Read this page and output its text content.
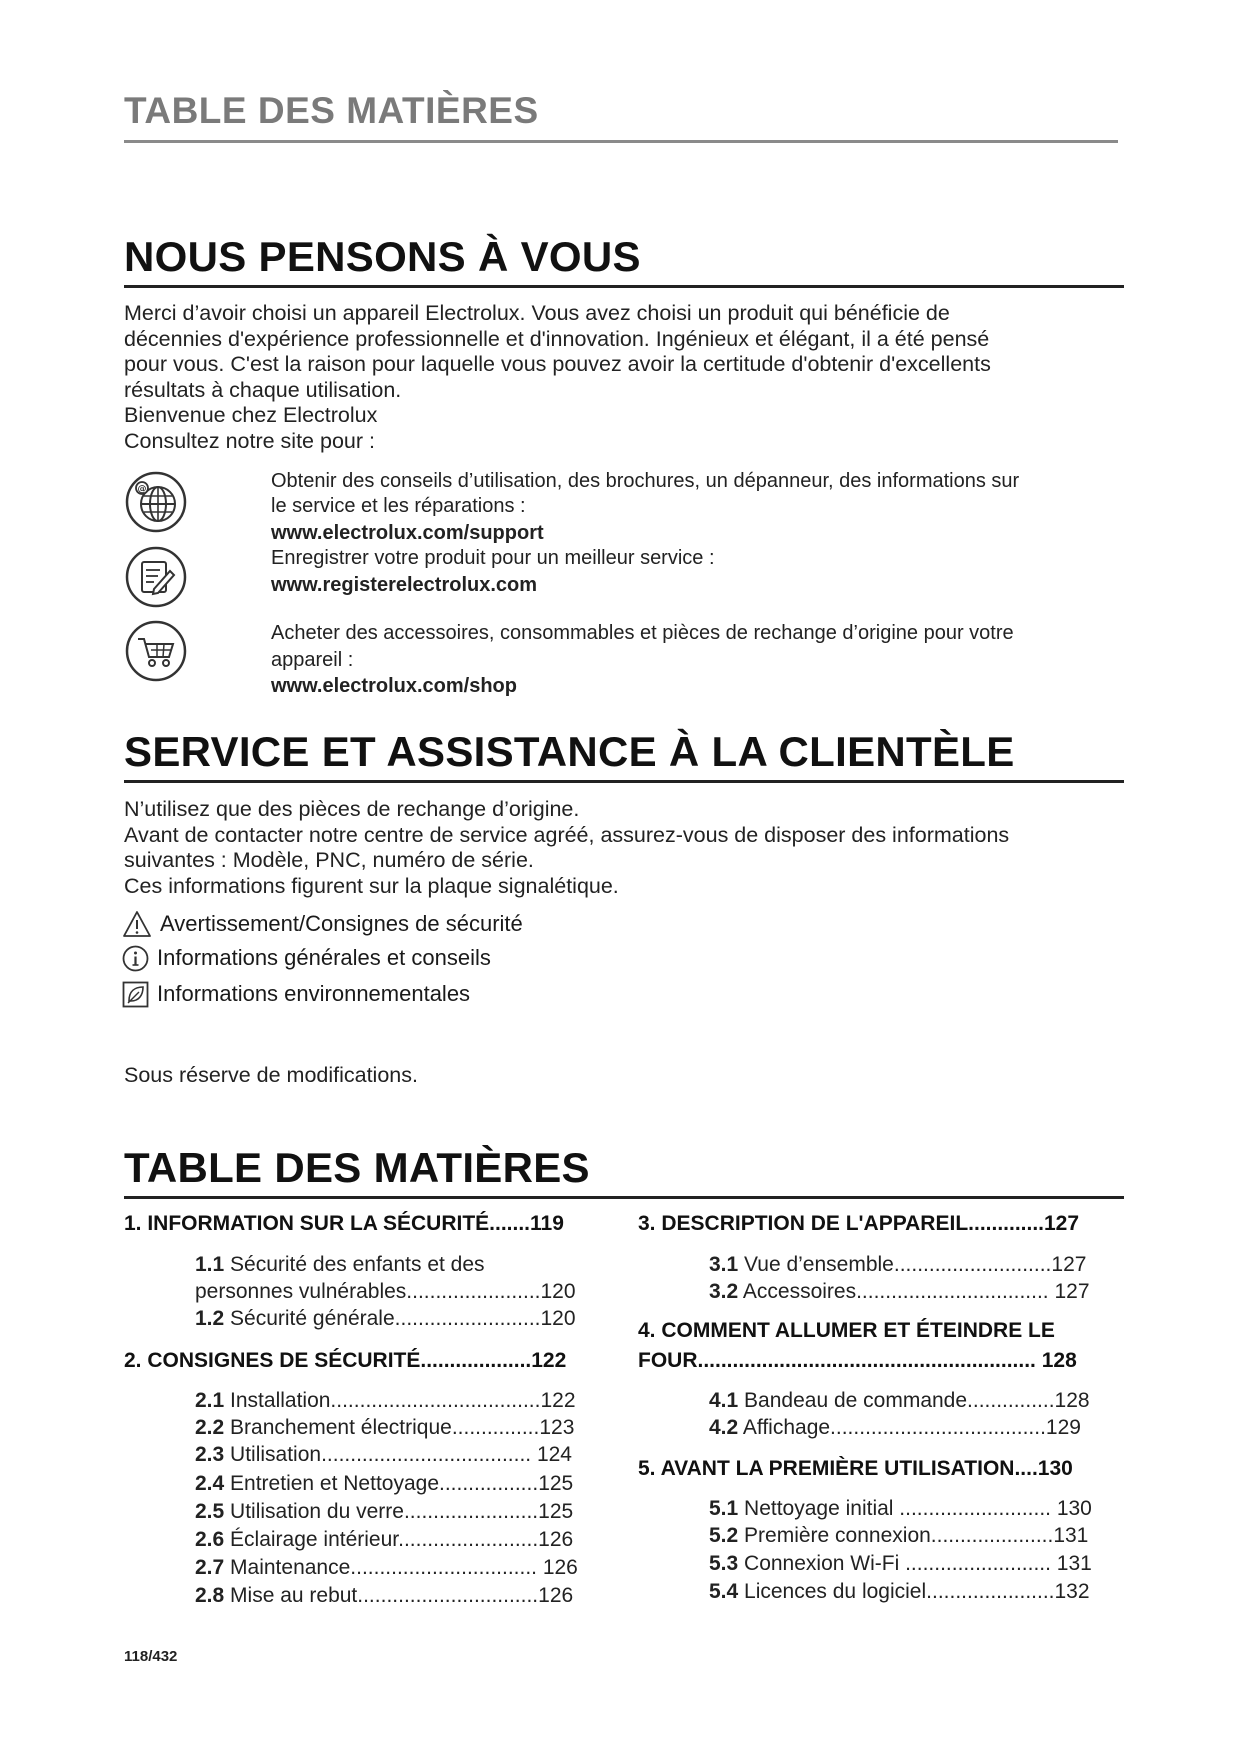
TABLE DES MATIÈRES
NOUS PENSONS À VOUS
Merci d’avoir choisi un appareil Electrolux. Vous avez choisi un produit qui bénéficie de
décennies d'expérience professionnelle et d'innovation. Ingénieux et élégant, il a été pensé
pour vous. C'est la raison pour laquelle vous pouvez avoir la certitude d'obtenir d'excellents
résultats à chaque utilisation.
Bienvenue chez Electrolux
Consultez notre site pour :
@	Obtenir des conseils d’utilisation, des brochures, un dépanneur, des informations sur
le service et les réparations :
www.electrolux.com/support
Enregistrer votre produit pour un meilleur service :
www.registerelectrolux.com
Acheter des accessoires, consommables et pièces de rechange d’origine pour votre
appareil :
www.electrolux.com/shop
SERVICE ET ASSISTANCE À LA CLIENTÈLE
N’utilisez que des pièces de rechange d’origine.
Avant de contacter notre centre de service agréé, assurez-vous de disposer des informations
suivantes : Modèle, PNC, numéro de série.
Ces informations figurent sur la plaque signalétique.
Avertissement/Consignes de sécurité
Informations générales et conseils
Informations environnementales
Sous réserve de modifications.
TABLE DES MATIÈRES
1. INFORMATION SUR LA SÉCURITÉ.......119
1.1 Sécurité des enfants et des
personnes vulnérables.......................120
1.2 Sécurité générale.........................120
2. CONSIGNES DE SÉCURITÉ...................122
2.1 Installation....................................122
2.2 Branchement électrique...............123
2.3 Utilisation.................................... 124
2.4 Entretien et Nettoyage.................125
2.5 Utilisation du verre.......................125
2.6 Éclairage intérieur........................126
2.7 Maintenance................................ 126
2.8 Mise au rebut...............................126
3. DESCRIPTION DE L'APPAREIL.............127
3.1 Vue d’ensemble...........................127
3.2 Accessoires................................. 127
4. COMMENT ALLUMER ET ÉTEINDRE LE
FOUR.......................................................... 128
4.1 Bandeau de commande...............128
4.2 Affichage.....................................129
5. AVANT LA PREMIÈRE UTILISATION....130
5.1 Nettoyage initial .......................... 130
5.2 Première connexion.....................131
5.3 Connexion Wi-Fi ......................... 131
5.4 Licences du logiciel......................132
118/432
